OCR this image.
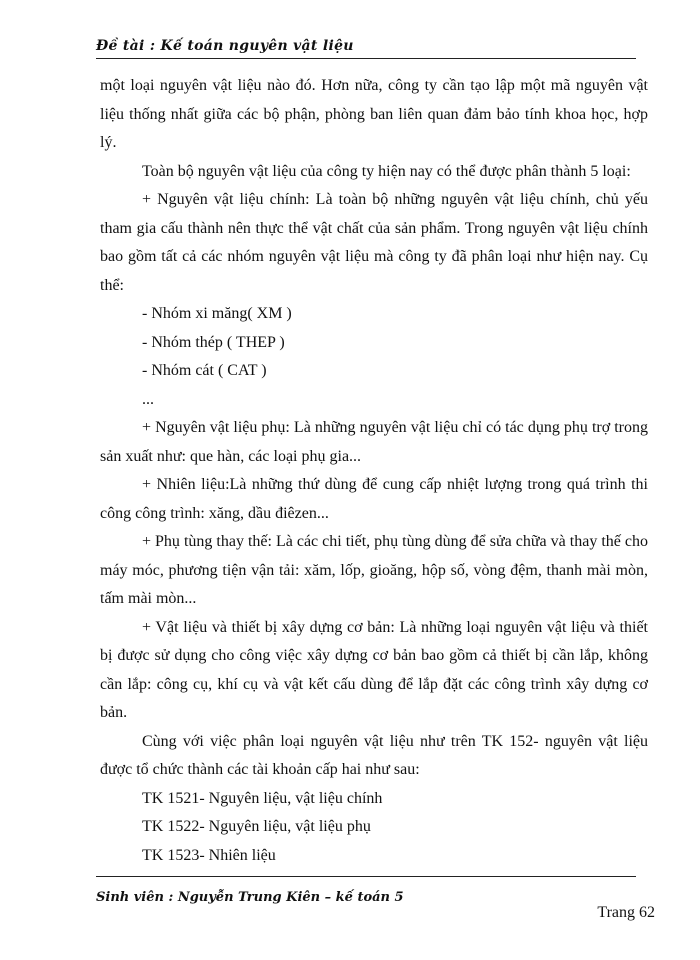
Đề tài : Kế toán nguyên vật liệu

một loại nguyên vật liệu nào đó. Hơn nữa, công ty cần tạo lập một mã nguyên vật liệu thống nhất giữa các bộ phận, phòng ban liên quan đảm bảo tính khoa học, hợp lý.

Toàn bộ nguyên vật liệu của công ty hiện nay có thể được phân thành 5 loại:

+ Nguyên vật liệu chính: Là toàn bộ những nguyên vật liệu chính, chủ yếu tham gia cấu thành nên thực thể vật chất của sản phẩm. Trong nguyên vật liệu chính bao gồm tất cả các nhóm nguyên vật liệu mà công ty đã phân loại như hiện nay. Cụ thể:

- Nhóm xi măng( XM )

- Nhóm thép ( THEP )

- Nhóm cát ( CAT )

...

+ Nguyên vật liệu phụ: Là những nguyên vật liệu chỉ có tác dụng phụ trợ trong sản xuất như: que hàn, các loại phụ gia...

+ Nhiên liệu:Là những thứ dùng để cung cấp nhiệt lượng trong quá trình thi công công trình: xăng, dầu điêzen...

+ Phụ tùng thay thế: Là các chi tiết, phụ tùng dùng để sửa chữa và thay thế cho máy móc, phương tiện vận tải: xăm, lốp, gioăng, hộp số, vòng đệm, thanh mài mòn, tấm mài mòn...

+ Vật liệu và thiết bị xây dựng cơ bản: Là những loại nguyên vật liệu và thiết bị được sử dụng cho công việc xây dựng cơ bản bao gồm cả thiết bị cần lắp, không cần lắp: công cụ, khí cụ và vật kết cấu dùng để lắp đặt các công trình xây dựng cơ bản.

Cùng với việc phân loại nguyên vật liệu như trên TK 152- nguyên vật liệu được tổ chức thành các tài khoản cấp hai như sau:

TK 1521- Nguyên liệu, vật liệu chính

TK 1522- Nguyên liệu, vật liệu phụ

TK 1523- Nhiên liệu

Sinh viên : Nguyễn Trung Kiên – kế toán 5
Trang 62
